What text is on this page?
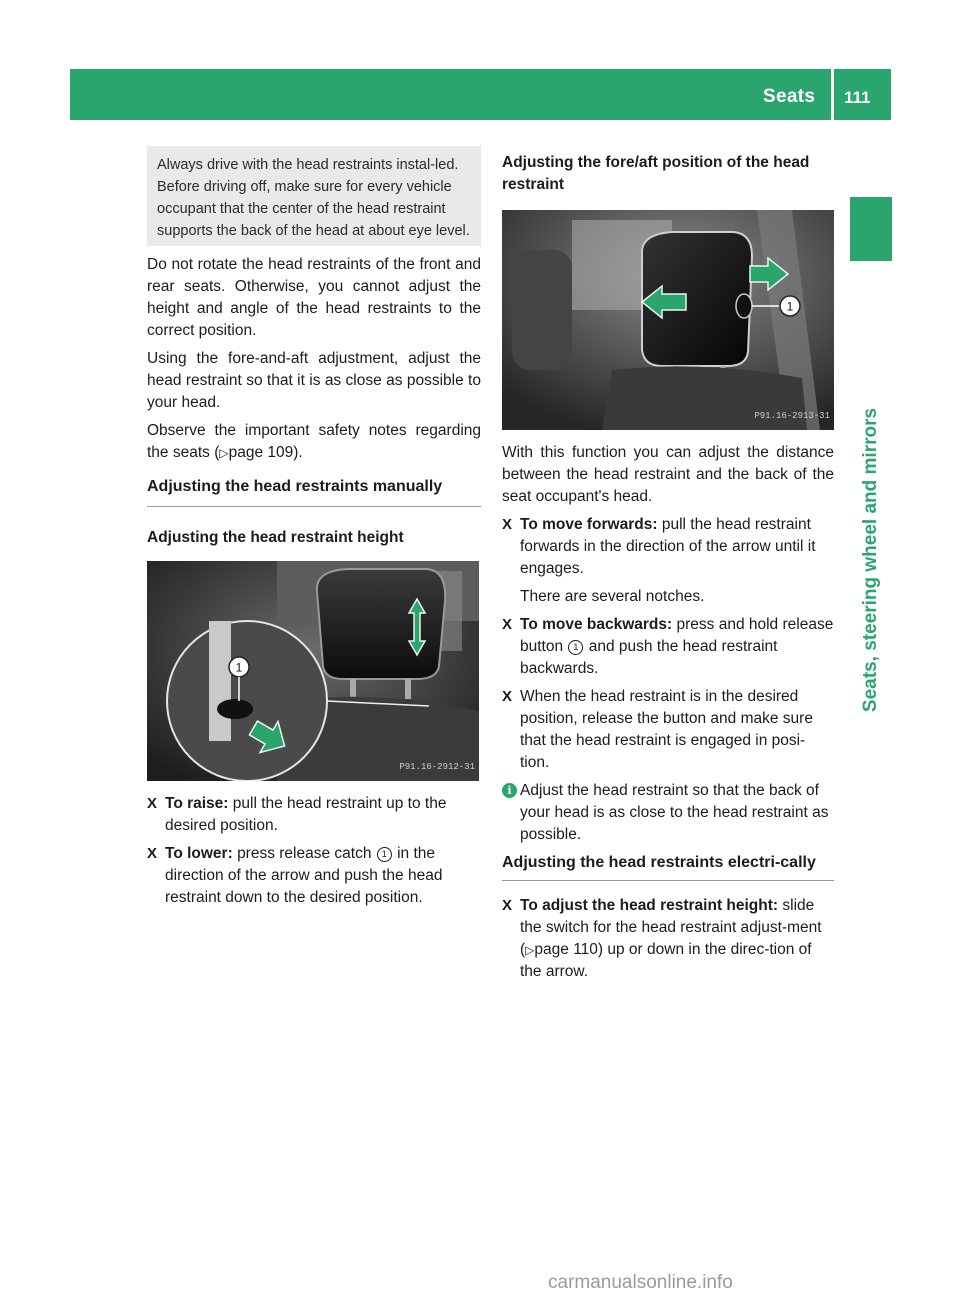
Seats 111
Seats, steering wheel and mirrors
Always drive with the head restraints instal-led. Before driving off, make sure for every vehicle occupant that the center of the head restraint supports the back of the head at about eye level.

Do not rotate the head restraints of the front and rear seats. Otherwise, you cannot adjust the height and angle of the head restraints to the correct position.

Using the fore-and-aft adjustment, adjust the head restraint so that it is as close as possible to your head.

Observe the important safety notes regarding the seats (▷page 109).

Adjusting the head restraints manually
Adjusting the head restraint height
1
P91.16-2912-31
X To raise: pull the head restraint up to the desired position.
X To lower: press release catch 1 in the direction of the arrow and push the head restraint down to the desired position.
Adjusting the fore/aft position of the head restraint
1
P91.16-2913-31

With this function you can adjust the distance between the head restraint and the back of the seat occupant's head.

X To move forwards: pull the head restraint forwards in the direction of the arrow until it engages.
There are several notches.
X To move backwards: press and hold release button 1 and push the head restraint backwards.
X When the head restraint is in the desired position, release the button and make sure that the head restraint is engaged in posi-tion.
i Adjust the head restraint so that the back of your head is as close to the head restraint as possible.
Adjusting the head restraints electri-cally
X To adjust the head restraint height: slide the switch for the head restraint adjust-ment (▷page 110) up or down in the direc-tion of the arrow.
carmanualsonline.info
